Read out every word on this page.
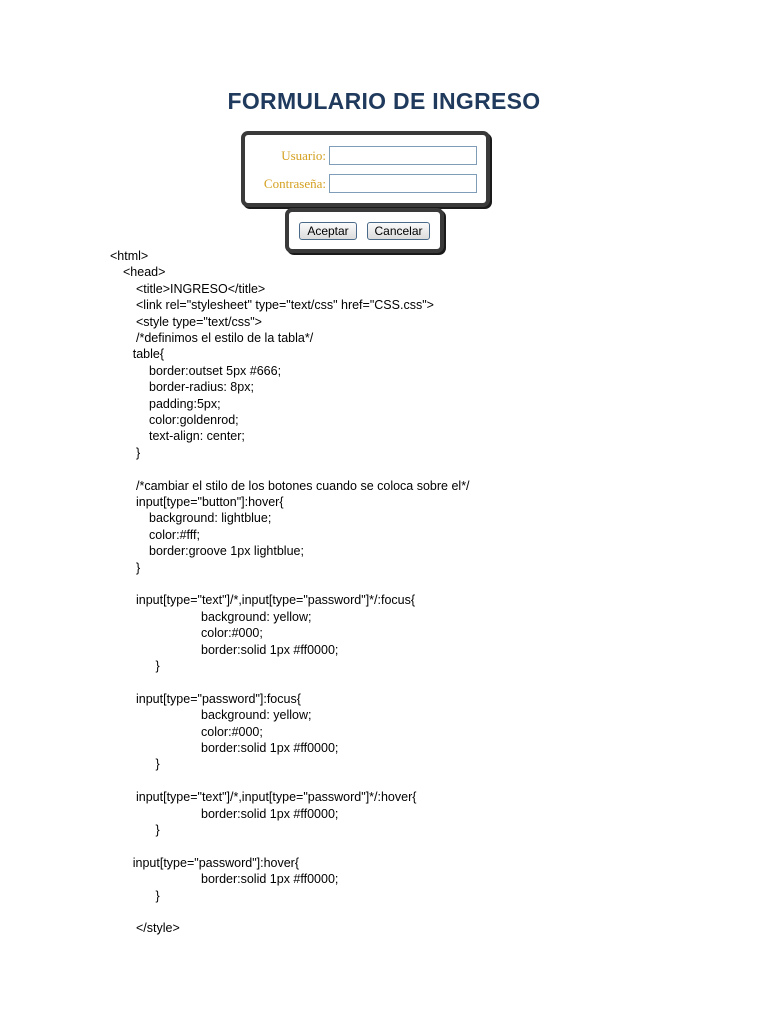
FORMULARIO DE INGRESO
Usuario:
Contraseña:
Aceptar	Cancelar
<html>
<head>
<title>INGRESO</title>
<link rel="stylesheet" type="text/css" href="CSS.css">
<style type="text/css">
/*definimos el estilo de la tabla*/
table{
border:outset 5px #666;
border-radius: 8px;
padding:5px;
color:goldenrod;
text-align: center;
}
/*cambiar el stilo de los botones cuando se coloca sobre el*/
input[type="button"]:hover{
background: lightblue;
color:#fff;
border:groove 1px lightblue;
}
input[type="text"]/*,input[type="password"]*/:focus{
background: yellow;
color:#000;
border:solid 1px #ff0000;
}
input[type="password"]:focus{
background: yellow;
color:#000;
border:solid 1px #ff0000;
}
input[type="text"]/*,input[type="password"]*/:hover{
border:solid 1px #ff0000;
}
input[type="password"]:hover{
border:solid 1px #ff0000;
}
</style>
